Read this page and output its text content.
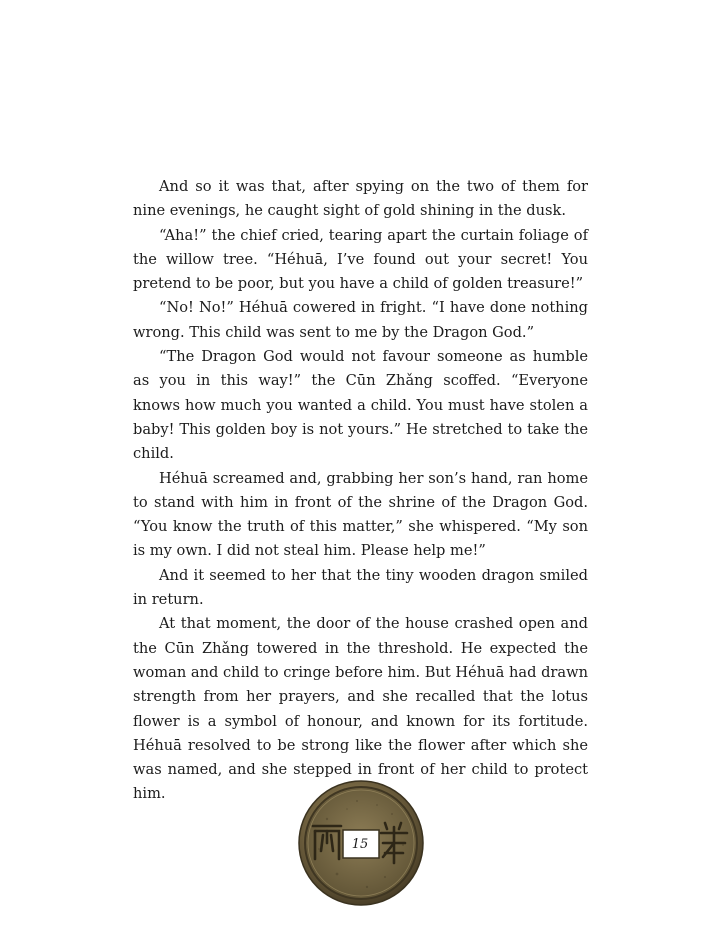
And so it was that, after spying on the two of them for nine evenings, he caught sight of gold shining in the dusk.

“Aha!” the chief cried, tearing apart the curtain foliage of the willow tree. “Héhuā, I’ve found out your secret! You pretend to be poor, but you have a child of golden treasure!”

“No! No!” Héhuā cowered in fright. “I have done nothing wrong. This child was sent to me by the Dragon God.”

“The Dragon God would not favour someone as humble as you in this way!” the Cūn Zhǎng scoffed. “Everyone knows how much you wanted a child. You must have stolen a baby! This golden boy is not yours.” He stretched to take the child.

Héhuā screamed and, grabbing her son’s hand, ran home to stand with him in front of the shrine of the Dragon God. “You know the truth of this matter,” she whispered. “My son is my own. I did not steal him. Please help me!”

And it seemed to her that the tiny wooden dragon smiled in return.

At that moment, the door of the house crashed open and the Cūn Zhǎng towered in the threshold. He expected the woman and child to cringe before him. But Héhuā had drawn strength from her prayers, and she recalled that the lotus flower is a symbol of honour, and known for its fortitude. Héhuā resolved to be strong like the flower after which she was named, and she stepped in front of her child to protect him.

15
